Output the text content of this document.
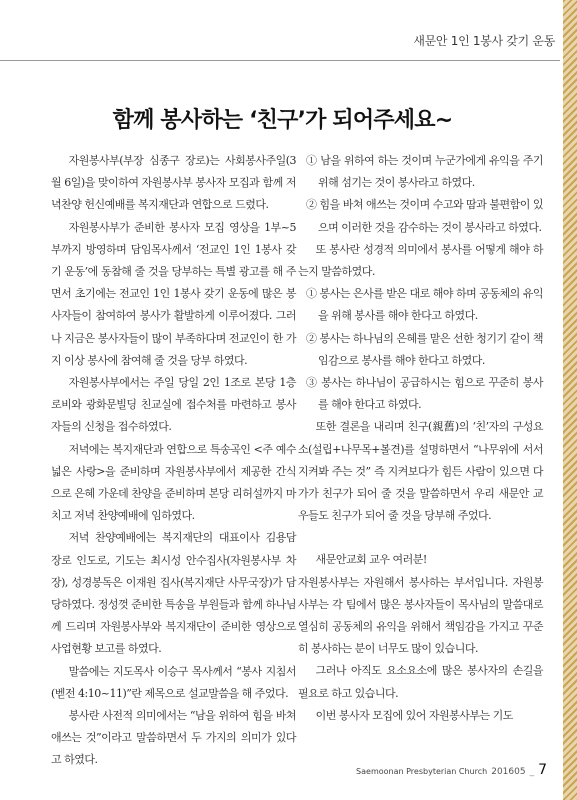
새문안 1인 1봉사 갖기 운동
함께 봉사하는 ‘친구’가 되어주세요~

자원봉사부(부장 심종구 장로)는 사회봉사주일(3월 6일)을 맞이하여 자원봉사부 봉사자 모집과 함께 저녁찬양 헌신예배를 복지재단과 연합으로 드렸다.

자원봉사부가 준비한 봉사자 모집 영상을 1부~5부까지 방영하며 담임목사께서 ‘전교인 1인 1봉사 갖기 운동’에 동참해 줄 것을 당부하는 특별 광고를 해 주면서 초기에는 전교인 1인 1봉사 갖기 운동에 많은 봉사자들이 참여하여 봉사가 활발하게 이루어졌다. 그러나 지금은 봉사자들이 많이 부족하다며 전교인이 한 가지 이상 봉사에 참여해 줄 것을 당부 하였다.

자원봉사부에서는 주일 당일 2인 1조로 본당 1층 로비와 광화문빌딩 친교실에 접수처를 마련하고 봉사자들의 신청을 접수하였다.

저녁에는 복지재단과 연합으로 특송곡인 <주 예수 넓은 사랑>을 준비하며 자원봉사부에서 제공한 간식으로 은혜 가운데 찬양을 준비하며 본당 리허설까지 마치고 저녁 찬양예배에 임하였다.

저녁 찬양예배에는 복지재단의 대표이사 김용담 장로 인도로, 기도는 최시성 안수집사(자원봉사부 차장), 성경봉독은 이재원 집사(복지재단 사무국장)가 담당하였다. 정성껏 준비한 특송을 부원들과 함께 하나님께 드리며 자원봉사부와 복지재단이 준비한 영상으로 사업현황 보고를 하였다.

말씀에는 지도목사 이승구 목사께서 “봉사 지침서(벧전 4:10~11)”란 제목으로 설교말씀을 해 주었다.

봉사란 사전적 의미에서는 “남을 위하여 힘을 바쳐 애쓰는 것”이라고 말씀하면서 두 가지의 의미가 있다고 하였다.

① 남을 위하여 하는 것이며 누군가에게 유익을 주기위해 섬기는 것이 봉사라고 하였다.

② 힘을 바쳐 애쓰는 것이며 수고와 땀과 불편함이 있으며 이러한 것을 감수하는 것이 봉사라고 하였다.

또 봉사란 성경적 의미에서 봉사를 어떻게 해야 하는지 말씀하였다.

① 봉사는 은사를 받은 대로 해야 하며 공동체의 유익을 위해 봉사를 해야 한다고 하였다.

② 봉사는 하나님의 은혜를 맡은 선한 청기기 같이 책임감으로 봉사를 해야 한다고 하였다.

③ 봉사는 하나님이 공급하시는 힘으로 꾸준히 봉사를 해야 한다고 하였다.

또한 결론을 내리며 친구(親舊)의 ‘친’자의 구성요소(설립+나무목+볼견)를 설명하면서 “나무위에 서서 지켜봐 주는 것” 즉 지켜보다가 힘든 사람이 있으면 다가가 친구가 되어 줄 것을 말씀하면서 우리 새문안 교우들도 친구가 되어 줄 것을 당부해 주었다.

새문안교회 교우 여러분!

자원봉사부는 자원해서 봉사하는 부서입니다. 자원봉사부는 각 팀에서 많은 봉사자들이 목사님의 말씀대로 열심히 공동체의 유익을 위해서 책임감을 가지고 꾸준히 봉사하는 분이 너무도 많이 있습니다.

그러나 아직도 요소요소에 많은 봉사자의 손길을 필요로 하고 있습니다.

이번 봉사자 모집에 있어 자원봉사부는 기도

Saemoonan Presbyterian Church 201605 _ 7
